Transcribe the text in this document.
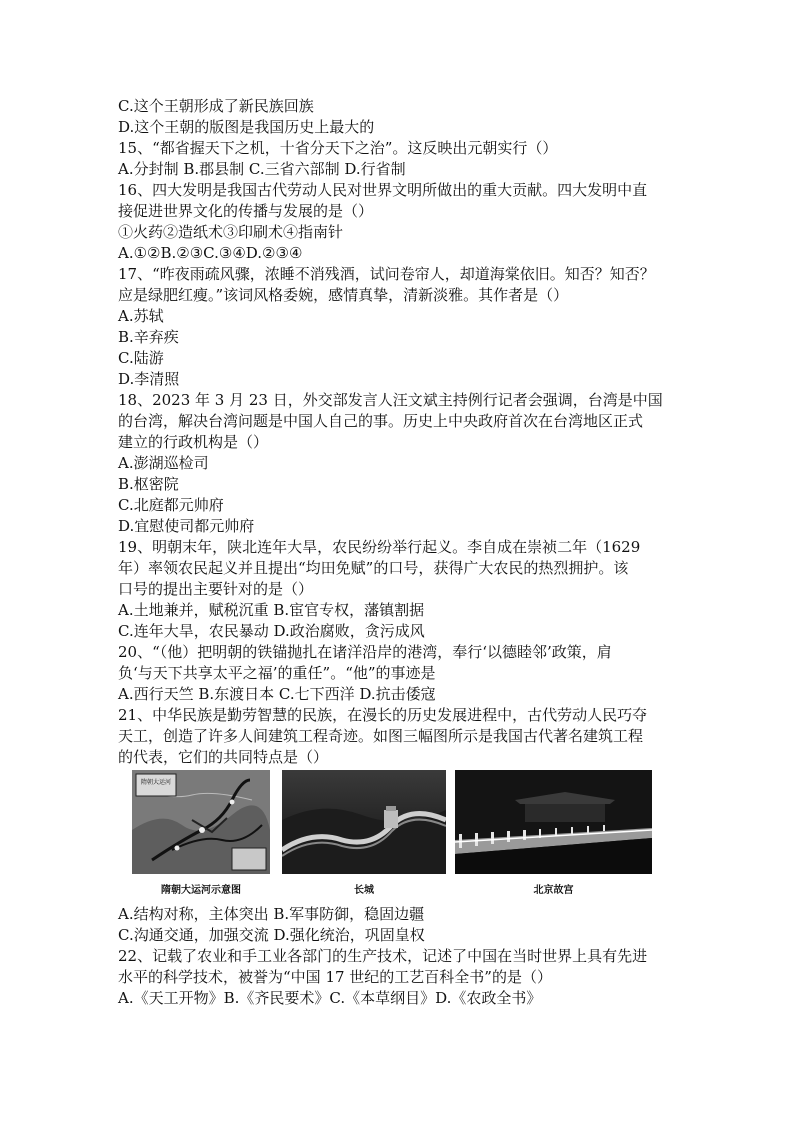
C.这个王朝形成了新民族回族
D.这个王朝的版图是我国历史上最大的
15、“都省握天下之机，十省分天下之治”。这反映出元朝实行（）
A.分封制 B.郡县制 C.三省六部制 D.行省制
16、四大发明是我国古代劳动人民对世界文明所做出的重大贡献。四大发明中直
接促进世界文化的传播与发展的是（）
①火药②造纸术③印刷术④指南针
A.①②B.②③C.③④D.②③④
17、“昨夜雨疏风骤，浓睡不消残酒，试问卷帘人，却道海棠依旧。知否？知否？
应是绿肥红瘦。”该词风格委婉，感情真挚，清新淡雅。其作者是（）
A.苏轼
B.辛弃疾
C.陆游
D.李清照
18、2023 年 3 月 23 日，外交部发言人汪文斌主持例行记者会强调，台湾是中国
的台湾，解决台湾问题是中国人自己的事。历史上中央政府首次在台湾地区正式
建立的行政机构是（）
A.澎湖巡检司
B.枢密院
C.北庭都元帅府
D.宜慰使司都元帅府
19、明朝末年，陕北连年大旱，农民纷纷举行起义。李自成在崇祯二年（1629
年）率领农民起义并且提出“均田免赋”的口号，获得广大农民的热烈拥护。该
口号的提出主要针对的是（）
A.土地兼并，赋税沉重 B.宦官专权，藩镇割据
C.连年大旱，农民暴动 D.政治腐败，贪污成风
20、“（他）把明朝的铁锚抛扎在诸洋沿岸的港湾，奉行‘以德睦邻’政策，肩
负‘与天下共享太平之福’的重任”。“他”的事迹是
A.西行天竺 B.东渡日本 C.七下西洋 D.抗击倭寇
21、中华民族是勤劳智慧的民族，在漫长的历史发展进程中，古代劳动人民巧夺
天工，创造了许多人间建筑工程奇迹。如图三幅图所示是我国古代著名建筑工程
的代表，它们的共同特点是（）
隋朝大运河
隋朝大运河示意图	长城	北京故宫
A.结构对称，主体突出 B.军事防御，稳固边疆
C.沟通交通，加强交流 D.强化统治，巩固皇权
22、记载了农业和手工业各部门的生产技术，记述了中国在当时世界上具有先进
水平的科学技术，被誉为“中国 17 世纪的工艺百科全书”的是（）
A.《天工开物》B.《齐民要术》C.《本草纲目》D.《农政全书》
